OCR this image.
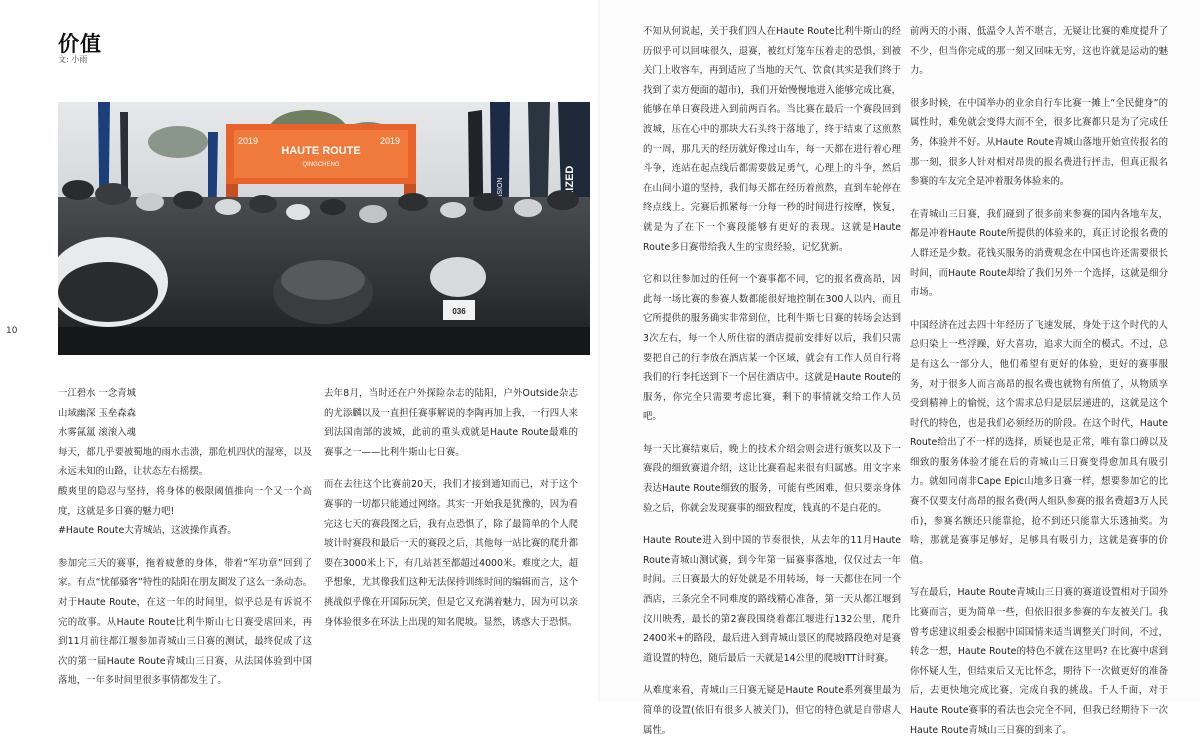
价值
文: 小雨
10
HAUTE ROUTE
QINGCHENG
2019	2019
036

一江碧水 一念青城
山域幽深 玉垒森森
水雾氤氲 滚滚入魂
每天，都几乎要被蜀地的雨水击溃，那危机四伏的湿寒，以及永远未知的山路，让状态左右摇摆。
酸爽里的隐忍与坚持，将身体的极限阈值推向一个又一个高度，这就是多日赛的魅力吧!
#Haute Route大青城站，这波操作真香。

参加完三天的赛事，拖着疲惫的身体，带着“军功章”回到了家。有点“忧郁骚客”特性的陆阳在朋友圈发了这么一条动态。对于Haute Route，在这一年的时间里，似乎总是有诉说不完的故事。从Haute Route比利牛斯山七日赛受虐回来，再到11月前往都江堰参加青城山三日赛的测试，最终促成了这次的第一届Haute Route青城山三日赛，从法国体验到中国落地，一年多时间里很多事情都发生了。

去年8月，当时还在户外探险杂志的陆阳，户外Outside杂志的尤添麟以及一直担任赛事解说的李陶再加上我，一行四人来到法国南部的波城，此前的重头戏就是Haute Route最难的赛事之一——比利牛斯山七日赛。

而在去往这个比赛前20天，我们才接到通知而已，对于这个赛事的一切都只能通过网络。其实一开始我是犹豫的，因为看完这七天的赛段图之后，我有点恐惧了，除了最简单的个人爬坡计时赛段和最后一天的赛段之后，其他每一站比赛的爬升都要在3000米上下，有几站甚至都超过4000米。难度之大，超乎想象，尤其像我们这种无法保持训练时间的编辑而言，这个挑战似乎像在开国际玩笑，但是它又充满着魅力，因为可以亲身体验很多在环法上出现的知名爬坡。显然，诱惑大于恐惧。

不知从何说起，关于我们四人在Haute Route比利牛斯山的经历似乎可以回味很久，退赛，被红灯笼车压着走的恐惧，到被关门上收容车，再到适应了当地的天气、饮食(其实是我们终于找到了卖方便面的超市)，我们开始慢慢地进入能够完成比赛，能够在单日赛段进入到前两百名。当比赛在最后一个赛段回到波城，压在心中的那块大石头终于落地了，终于结束了这煎熬的一周，那几天的经历就好像过山车，每一天都在进行着心理斗争，连站在起点线后都需要鼓足勇气，心理上的斗争，然后在山间小道的坚持，我们每天都在经历着煎熬，直到车轮停在终点线上。完赛后抓紧每一分每一秒的时间进行按摩，恢复，就是为了在下一个赛段能够有更好的表现。这就是Haute Route多日赛带给我人生的宝贵经验，记忆犹新。

它和以往参加过的任何一个赛事都不同，它的报名费高昂，因此每一场比赛的参赛人数都能很好地控制在300人以内，而且它所提供的服务确实非常到位，比利牛斯七日赛的转场会达到3次左右，每一个人所住宿的酒店提前安排好以后，我们只需要把自己的行李放在酒店某一个区域，就会有工作人员自行将我们的行李托送到下一个居住酒店中。这就是Haute Route的服务，你完全只需要考虑比赛，剩下的事情就交给工作人员吧。

每一天比赛结束后，晚上的技术介绍会则会进行颁奖以及下一赛段的细致赛道介绍，这让比赛看起来很有归属感。用文字来表达Haute Route细致的服务，可能有些困难，但只要亲身体验之后，你就会发现赛事的细致程度，钱真的不是白花的。

Haute Route进入到中国的节奏很快，从去年的11月Haute Route青城山测试赛，到今年第一届赛事落地，仅仅过去一年时间。三日赛最大的好处就是不用转场，每一天都住在同一个酒店，三条完全不同难度的路线精心准备，第一天从都江堰到汶川映秀，最长的第2赛段围绕着都江堰进行132公里，爬升2400米+的路段，最后进入到青城山景区的爬坡路段绝对是赛道设置的特色，随后最后一天就是14公里的爬坡ITT计时赛。

从难度来看，青城山三日赛无疑是Haute Route系列赛里最为简单的设置(依旧有很多人被关门)，但它的特色就是自带虐人属性。

前两天的小雨、低温令人苦不堪言，无疑让比赛的难度提升了不少，但当你完成的那一刻又回味无穷，这也许就是运动的魅力。

很多时候，在中国举办的业余自行车比赛一摊上“全民健身”的属性时，难免就会变得大而不全，很多比赛都只是为了完成任务，体验并不好。从Haute Route青城山落地开始宣传报名的那一刻，很多人针对相对昂贵的报名费进行抨击，但真正报名参赛的车友完全是冲着服务体验来的。

在青城山三日赛，我们碰到了很多前来参赛的国内各地车友，都是冲着Haute Route所提供的体验来的，真正讨论报名费的人群还是少数。花钱买服务的消费观念在中国也许还需要很长时间，而Haute Route却给了我们另外一个选择，这就是细分市场。

中国经济在过去四十年经历了飞速发展，身处于这个时代的人总归染上一些浮躁，好大喜功，追求大而全的模式。不过，总是有这么一部分人，他们希望有更好的体验，更好的赛事服务，对于很多人而言高昂的报名费也就物有所值了，从物质享受到精神上的愉悦，这个需求总归是层层递进的，这就是这个时代的特色，也是我们必须经历的阶段。在这个时代，Haute Route给出了不一样的选择，质疑也是正常，唯有靠口碑以及细致的服务体验才能在后的青城山三日赛变得愈加具有吸引力。就如同南非Cape Epic山地多日赛一样，想要参加它的比赛不仅要支付高昂的报名费(两人组队参赛的报名费超3万人民币)，参赛名额还只能靠抢，抢不到还只能靠大乐透抽奖。为啥，那就是赛事足够好，足够具有吸引力，这就是赛事的价值。

写在最后，Haute Route青城山三日赛的赛道设置相对于国外比赛而言，更为简单一些，但依旧很多参赛的车友被关门。我曾考虑建议组委会根据中国国情来适当调整关门时间，不过，转念一想，Haute Route的特色不就在这里吗? 在比赛中虐到你怀疑人生，但结束后又无比怀念，期待下一次做更好的准备后，去更快地完成比赛，完成自我的挑战。千人千面，对于Haute Route赛事的看法也会完全不同，但我已经期待下一次Haute Route青城山三日赛的到来了。
